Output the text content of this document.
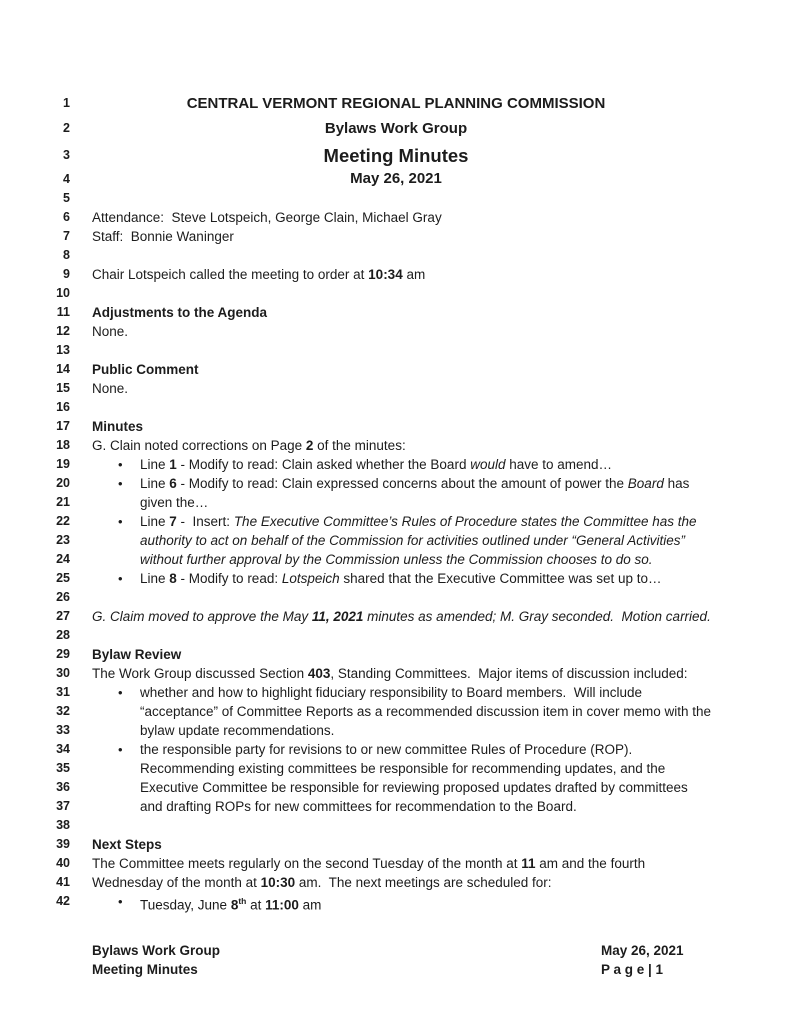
1	CENTRAL VERMONT REGIONAL PLANNING COMMISSION
2	Bylaws Work Group
3	Meeting Minutes
4	May 26, 2021
5

6 Attendance:  Steve Lotspeich, George Clain, Michael Gray
7 Staff:  Bonnie Waninger
8

9 Chair Lotspeich called the meeting to order at 10:34 am
10

11 Adjustments to the Agenda
12 None.
13

14 Public Comment
15 None.
16

17 Minutes
18 G. Clain noted corrections on Page 2 of the minutes:
19	• Line 1 - Modify to read: Clain asked whether the Board would have to amend…
20	• Line 6 - Modify to read: Clain expressed concerns about the amount of power the Board has
21	given the…
22	• Line 7 -  Insert: The Executive Committee’s Rules of Procedure states the Committee has the
23	authority to act on behalf of the Commission for activities outlined under “General Activities”
24	without further approval by the Commission unless the Commission chooses to do so.
25	• Line 8 - Modify to read: Lotspeich shared that the Executive Committee was set up to…
26

27 G. Claim moved to approve the May 11, 2021 minutes as amended; M. Gray seconded.  Motion carried.
28

29 Bylaw Review
30 The Work Group discussed Section 403, Standing Committees.  Major items of discussion included:
31	• whether and how to highlight fiduciary responsibility to Board members.  Will include
32	“acceptance” of Committee Reports as a recommended discussion item in cover memo with the
33	bylaw update recommendations.
34	• the responsible party for revisions to or new committee Rules of Procedure (ROP).
35	Recommending existing committees be responsible for recommending updates, and the
36	Executive Committee be responsible for reviewing proposed updates drafted by committees
37	and drafting ROPs for new committees for recommendation to the Board.
38

39 Next Steps
40 The Committee meets regularly on the second Tuesday of the month at 11 am and the fourth
41 Wednesday of the month at 10:30 am.  The next meetings are scheduled for:
42	• Tuesday, June 8th at 11:00 am
Bylaws Work Group
Meeting Minutes
May 26, 2021
P a g e | 1
